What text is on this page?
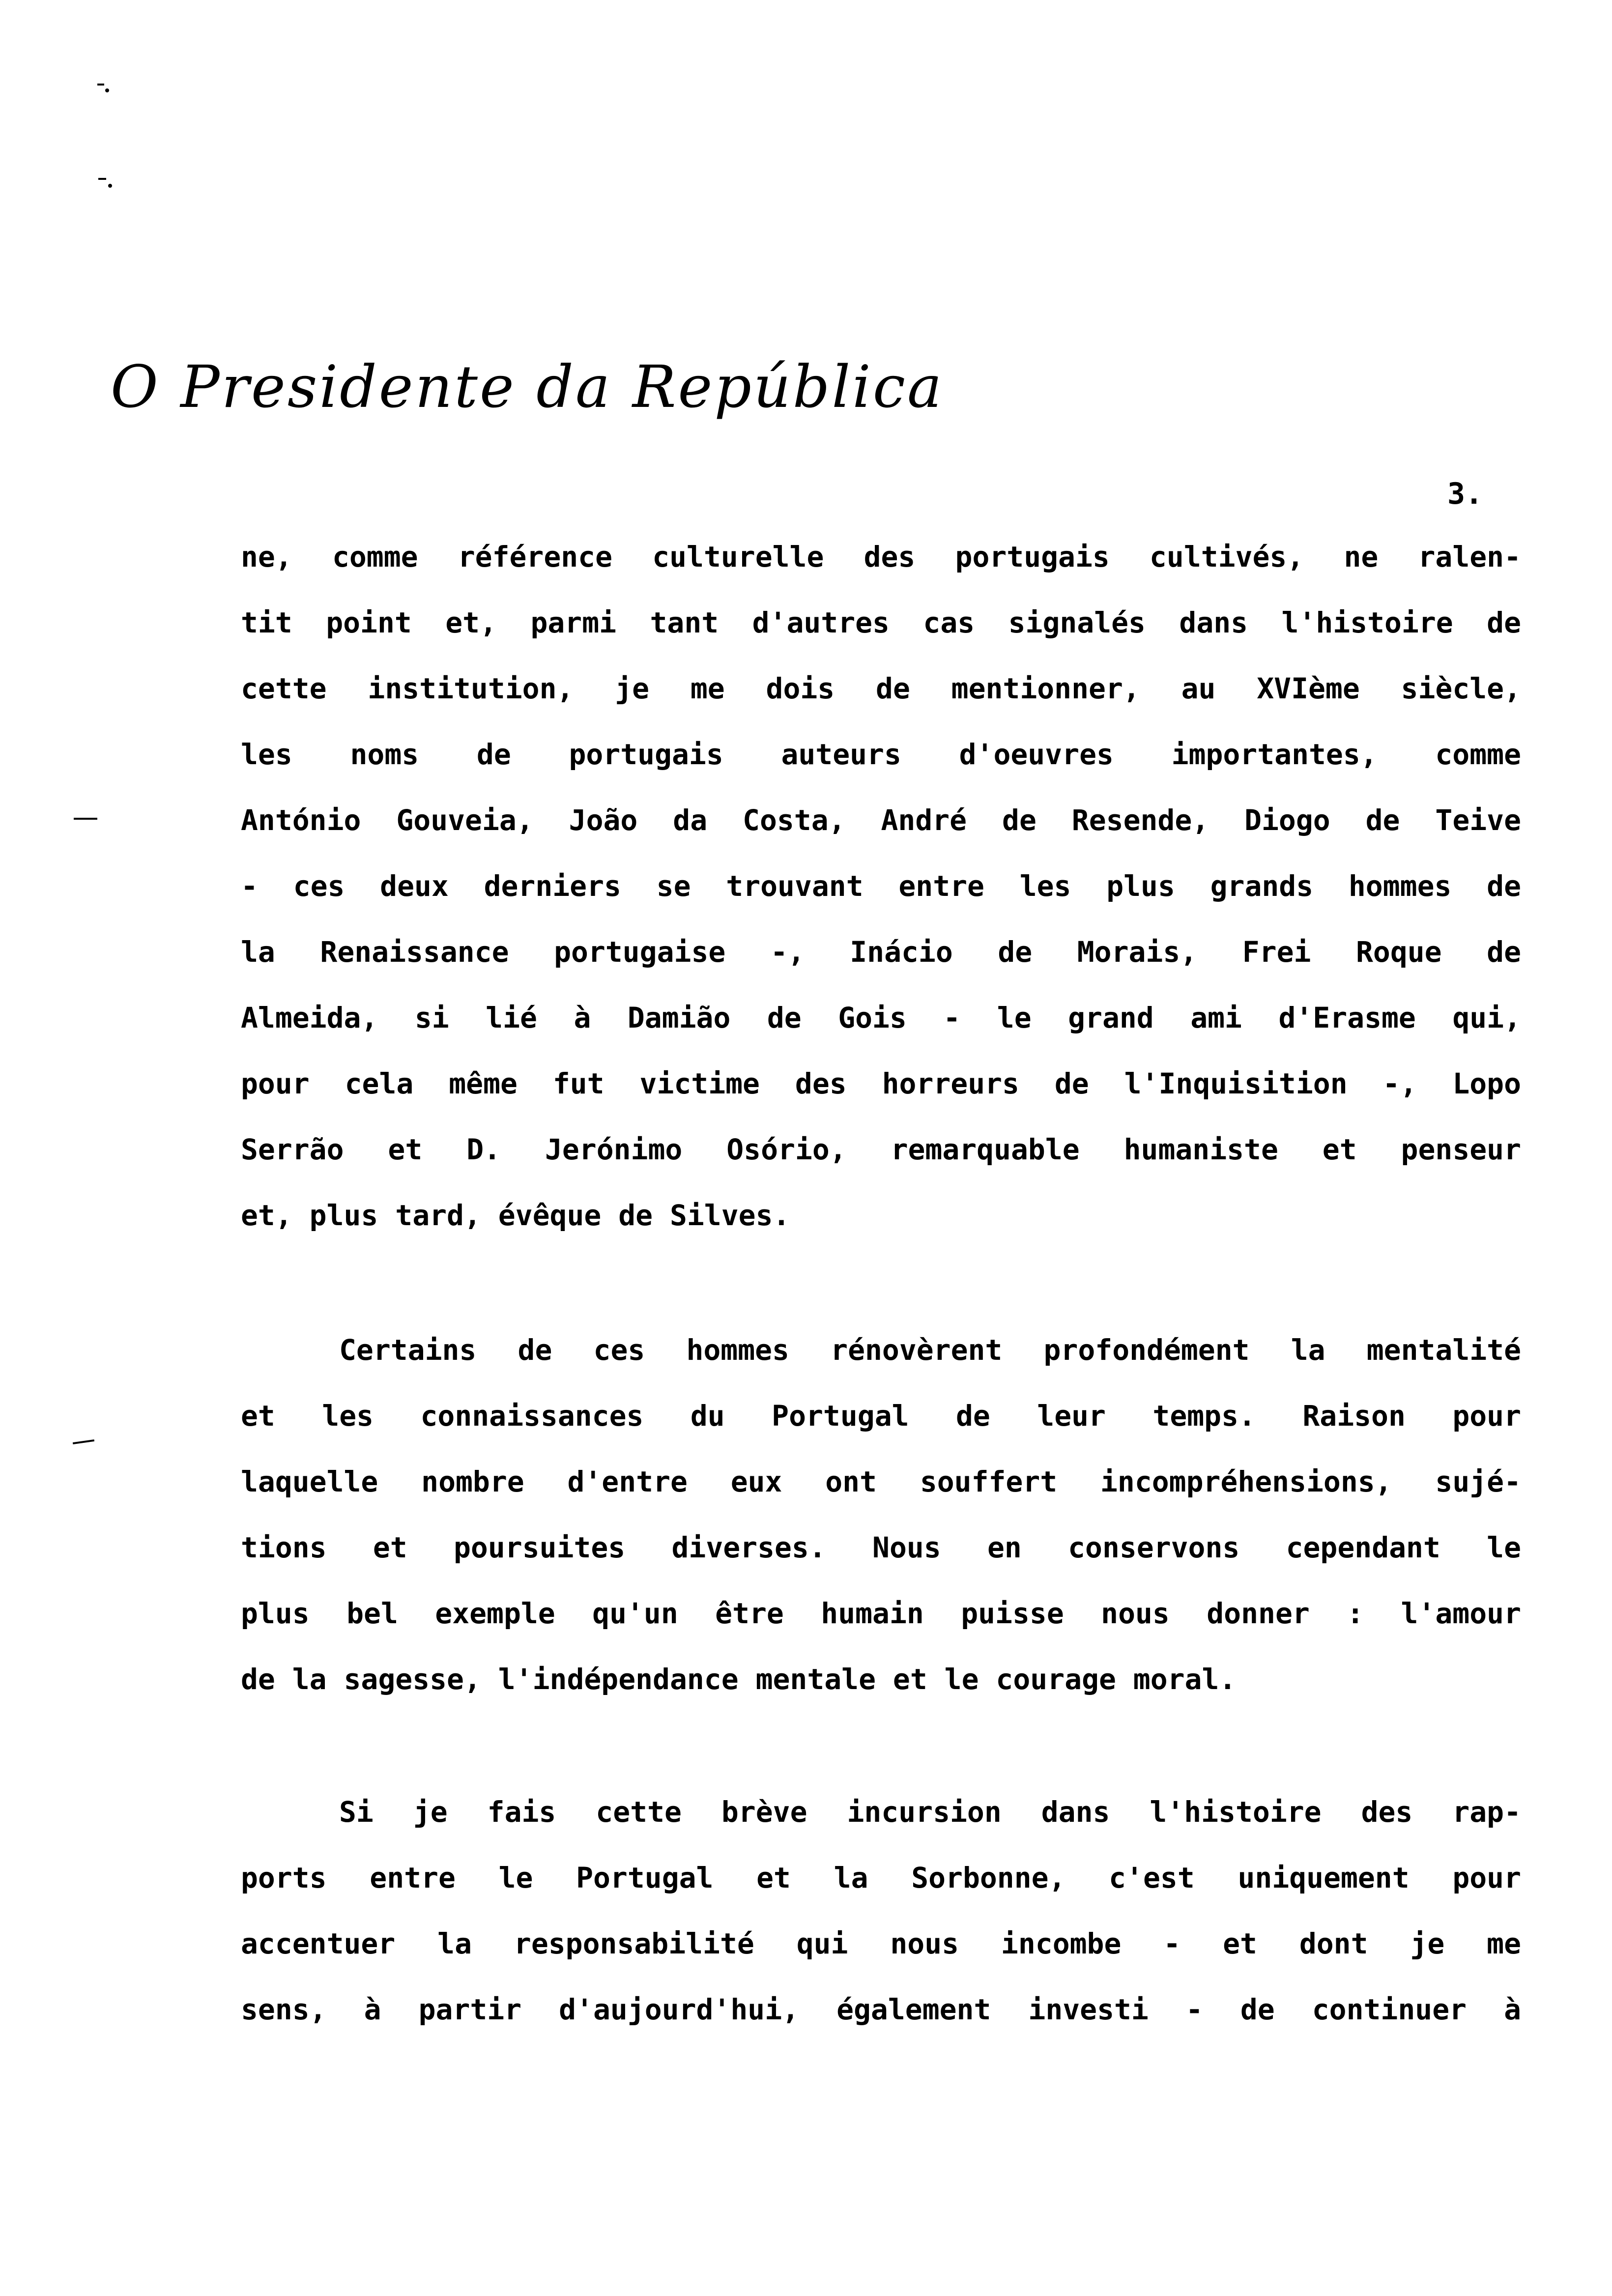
O Presidente da República
3.
ne, comme référence culturelle des portugais cultivés, ne ralen-
tit point et, parmi tant d'autres cas signalés dans l'histoire de
cette institution, je me dois de mentionner, au XVIème siècle,
les noms de portugais auteurs d'oeuvres importantes, comme
António Gouveia, João da Costa, André de Resende, Diogo de Teive
- ces deux derniers se trouvant entre les plus grands hommes de
la Renaissance portugaise -, Inácio de Morais, Frei Roque de
Almeida, si lié à Damião de Gois - le grand ami d'Erasme qui,
pour cela même fut victime des horreurs de l'Inquisition -, Lopo
Serrão et D. Jerónimo Osório, remarquable humaniste et penseur
et, plus tard, évêque de Silves.
Certains de ces hommes rénovèrent profondément la mentalité
et les connaissances du Portugal de leur temps. Raison pour
laquelle nombre d'entre eux ont souffert incompréhensions, sujé-
tions et poursuites diverses. Nous en conservons cependant le
plus bel exemple qu'un être humain puisse nous donner : l'amour
de la sagesse, l'indépendance mentale et le courage moral.
Si je fais cette brève incursion dans l'histoire des rap-
ports entre le Portugal et la Sorbonne, c'est uniquement pour
accentuer la responsabilité qui nous incombe - et dont je me
sens, à partir d'aujourd'hui, également investi - de continuer à
